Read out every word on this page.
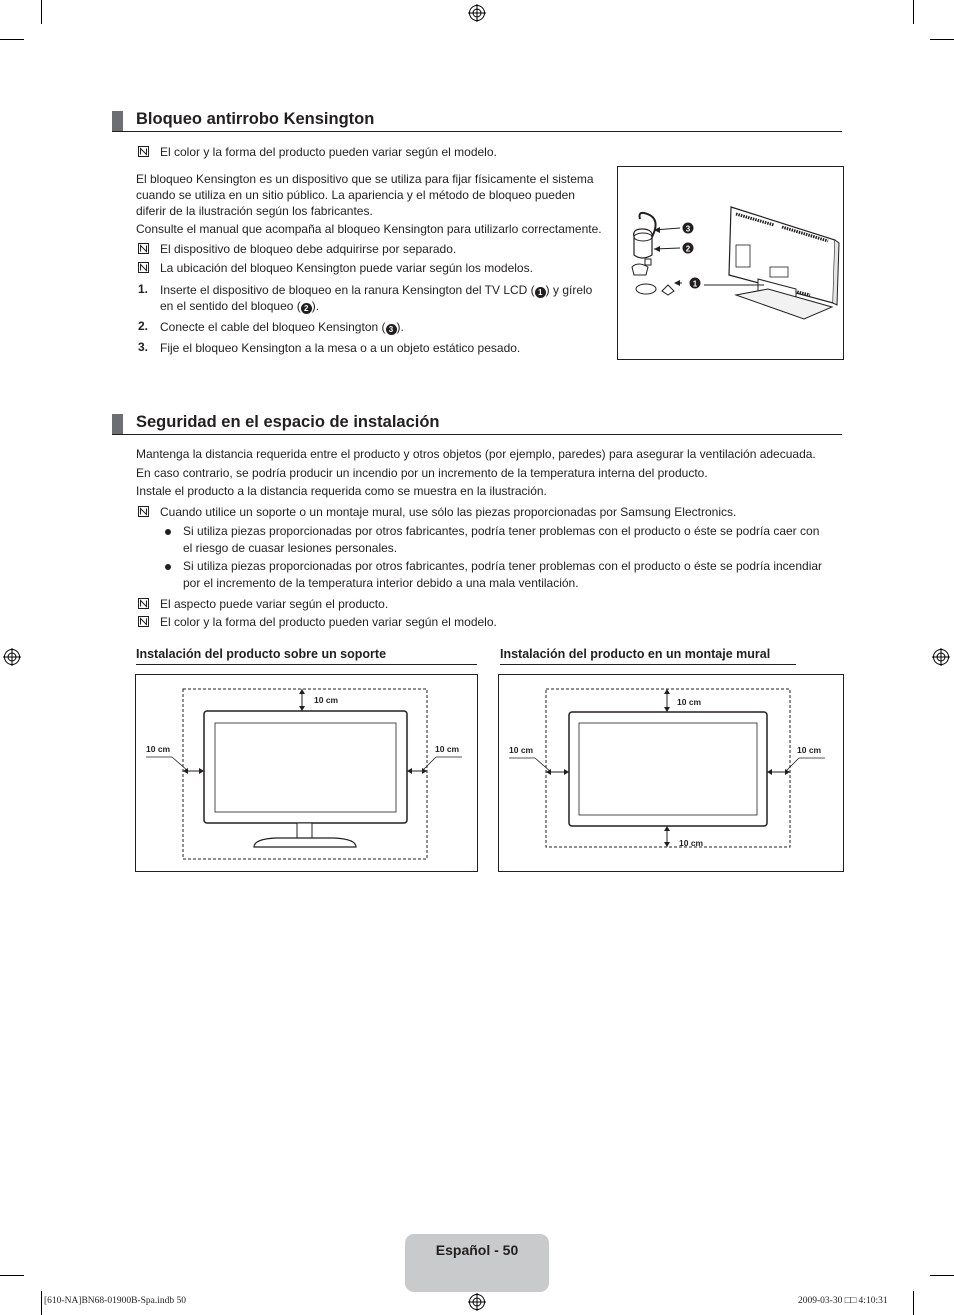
Bloqueo antirrobo Kensington
El color y la forma del producto pueden variar según el modelo.
El bloqueo Kensington es un dispositivo que se utiliza para fijar físicamente el sistema
cuando se utiliza en un sitio público. La apariencia y el método de bloqueo pueden
diferir de la ilustración según los fabricantes.
Consulte el manual que acompaña al bloqueo Kensington para utilizarlo correctamente.
El dispositivo de bloqueo debe adquirirse por separado.
La ubicación del bloqueo Kensington puede variar según los modelos.
1. Inserte el dispositivo de bloqueo en la ranura Kensington del TV LCD ( 1 ) y gírelo
en el sentido del bloqueo ( 2 ).
2. Conecte el cable del bloqueo Kensington ( 3 ).
3. Fije el bloqueo Kensington a la mesa o a un objeto estático pesado.
3
2
1
Seguridad en el espacio de instalación
Mantenga la distancia requerida entre el producto y otros objetos (por ejemplo, paredes) para asegurar la ventilación adecuada.
En caso contrario, se podría producir un incendio por un incremento de la temperatura interna del producto.
Instale el producto a la distancia requerida como se muestra en la ilustración.
Cuando utilice un soporte o un montaje mural, use sólo las piezas proporcionadas por Samsung Electronics.
Si utiliza piezas proporcionadas por otros fabricantes, podría tener problemas con el producto o éste se podría caer con
el riesgo de cuasar lesiones personales.
Si utiliza piezas proporcionadas por otros fabricantes, podría tener problemas con el producto o éste se podría incendiar
por el incremento de la temperatura interior debido a una mala ventilación.
El aspecto puede variar según el producto.
El color y la forma del producto pueden variar según el modelo.
Instalación del producto sobre un soporte
10 cm
10 cm	10 cm
Instalación del producto en un montaje mural
10 cm
10 cm
10 cm	10 cm
Español - 50
[610-NA]BN68-01900B-Spa.indb 50	2009-03-30 □□ 4:10:31
